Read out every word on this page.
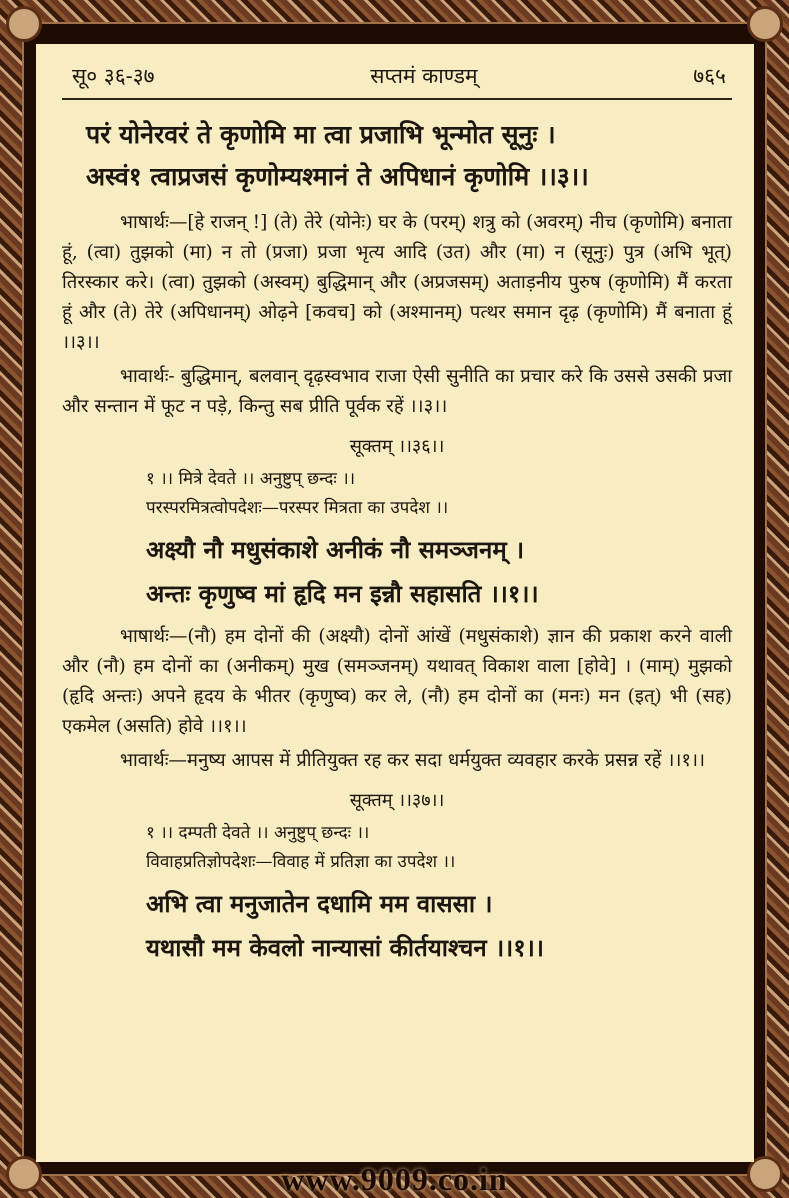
सू० ३६-३७	सप्तमं काण्डम्	७६५
परं योनेरवरं ते कृणोमि मा त्वा प्रजाभि भून्मोत सूनुः ।
अस्वं१ त्वाप्रजसं कृणोम्यश्मानं ते अपिधानं कृणोमि ।।३।।

भाषार्थः—[हे राजन् !] (ते) तेरे (योनेः) घर के (परम्) शत्रु को (अवरम्) नीच (कृणोमि) बनाता हूं, (त्वा) तुझको (मा) न तो (प्रजा) प्रजा भृत्य आदि (उत) और (मा) न (सूनुः) पुत्र (अभि भूत्) तिरस्कार करे। (त्वा) तुझको (अस्वम्) बुद्धिमान् और (अप्रजसम्) अताड़नीय पुरुष (कृणोमि) मैं करता हूं और (ते) तेरे (अपिधानम्) ओढ़ने [कवच] को (अश्मानम्) पत्थर समान दृढ़ (कृणोमि) मैं बनाता हूं ।।३।।

भावार्थः- बुद्धिमान्, बलवान् दृढ़स्वभाव राजा ऐसी सुनीति का प्रचार करे कि उससे उसकी प्रजा और सन्तान में फूट न पड़े, किन्तु सब प्रीति पूर्वक रहें ।।३।।

सूक्तम् ।।३६।।
१ ।। मित्रे देवते ।। अनुष्टुप् छन्दः ।।
परस्परमित्रत्वोपदेशः—परस्पर मित्रता का उपदेश ।।
अक्ष्यौ नौ मधुसंकाशे अनीकं नौ समञ्जनम् ।
अन्तः कृणुष्व मां हृदि मन इन्नौ सहासति ।।१।।

भाषार्थः—(नौ) हम दोनों की (अक्ष्यौ) दोनों आंखें (मधुसंकाशे) ज्ञान की प्रकाश करने वाली और (नौ) हम दोनों का (अनीकम्) मुख (समञ्जनम्) यथावत् विकाश वाला [होवे] । (माम्) मुझको (हृदि अन्तः) अपने हृदय के भीतर (कृणुष्व) कर ले, (नौ) हम दोनों का (मनः) मन (इत्) भी (सह) एकमेल (असति) होवे ।।१।।

भावार्थः—मनुष्य आपस में प्रीतियुक्त रह कर सदा धर्मयुक्त व्यवहार करके प्रसन्न रहें ।।१।।

सूक्तम् ।।३७।।
१ ।। दम्पती देवते ।। अनुष्टुप् छन्दः ।।
विवाहप्रतिज्ञोपदेशः—विवाह में प्रतिज्ञा का उपदेश ।।
अभि त्वा मनुजातेन दधामि मम वाससा ।
यथासौ मम केवलो नान्यासां कीर्तयाश्चन ।।१।।
www.9009.co.in
